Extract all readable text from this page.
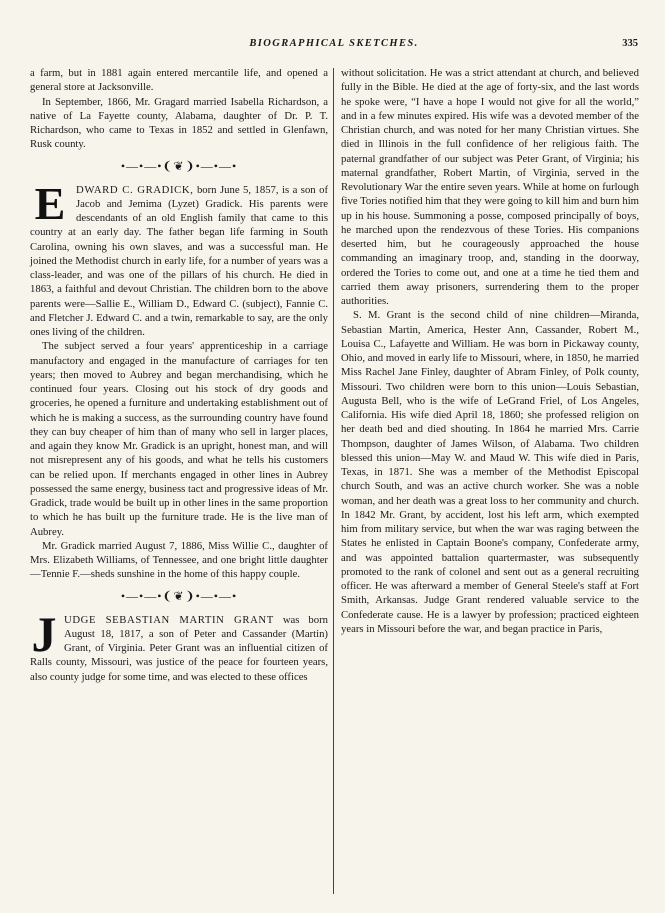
BIOGRAPHICAL SKETCHES.	335

a farm, but in 1881 again entered mercantile life, and opened a general store at Jacksonville.

In September, 1866, Mr. Gragard married Isabella Richardson, a native of La Fayette county, Alabama, daughter of Dr. P. T. Richardson, who came to Texas in 1852 and settled in Glenfawn, Rusk county.

•—•—•❨❦❩•—•—•
E DWARD C. GRADICK, born June 5, 1857, is a son of Jacob and Jemima (Lyzet) Gradick. His parents were descendants of an old English family that came to this country at an early day. The father began life farming in South Carolina, owning his own slaves, and was a successful man. He joined the Methodist church in early life, for a number of years was a class-leader, and was one of the pillars of his church. He died in 1863, a faithful and devout Christian. The children born to the above parents were—Sallie E., William D., Edward C. (subject), Fannie C. and Fletcher J. Edward C. and a twin, remarkable to say, are the only ones living of the children.

The subject served a four years' apprenticeship in a carriage manufactory and engaged in the manufacture of carriages for ten years; then moved to Aubrey and began merchandising, which he continued four years. Closing out his stock of dry goods and groceries, he opened a furniture and undertaking establishment out of which he is making a success, as the surrounding country have found they can buy cheaper of him than of many who sell in larger places, and again they know Mr. Gradick is an upright, honest man, and will not misrepresent any of his goods, and what he tells his customers can be relied upon. If merchants engaged in other lines in Aubrey possessed the same energy, business tact and progressive ideas of Mr. Gradick, trade would be built up in other lines in the same proportion to which he has built up the furniture trade. He is the live man of Aubrey.

Mr. Gradick married August 7, 1886, Miss Willie C., daughter of Mrs. Elizabeth Williams, of Tennessee, and one bright little daughter—Tennie F.—sheds sunshine in the home of this happy couple.

•—•—•❨❦❩•—•—•
J UDGE SEBASTIAN MARTIN GRANT was born August 18, 1817, a son of Peter and Cassander (Martin) Grant, of Virginia. Peter Grant was an influential citizen of Ralls county, Missouri, was justice of the peace for fourteen years, also county judge for some time, and was elected to these offices

without solicitation. He was a strict attendant at church, and believed fully in the Bible. He died at the age of forty-six, and the last words he spoke were, “I have a hope I would not give for all the world,” and in a few minutes expired. His wife was a devoted member of the Christian church, and was noted for her many Christian virtues. She died in Illinois in the full confidence of her religious faith. The paternal grandfather of our subject was Peter Grant, of Virginia; his maternal grandfather, Robert Martin, of Virginia, served in the Revolutionary War the entire seven years. While at home on furlough five Tories notified him that they were going to kill him and burn him up in his house. Summoning a posse, composed principally of boys, he marched upon the rendezvous of these Tories. His companions deserted him, but he courageously approached the house commanding an imaginary troop, and, standing in the doorway, ordered the Tories to come out, and one at a time he tied them and carried them away prisoners, surrendering them to the proper authorities.

S. M. Grant is the second child of nine children—Miranda, Sebastian Martin, America, Hester Ann, Cassander, Robert M., Louisa C., Lafayette and William. He was born in Pickaway county, Ohio, and moved in early life to Missouri, where, in 1850, he married Miss Rachel Jane Finley, daughter of Abram Finley, of Polk county, Missouri. Two children were born to this union—Louis Sebastian, Augusta Bell, who is the wife of LeGrand Friel, of Los Angeles, California. His wife died April 18, 1860; she professed religion on her death bed and died shouting. In 1864 he married Mrs. Carrie Thompson, daughter of James Wilson, of Alabama. Two children blessed this union—May W. and Maud W. This wife died in Paris, Texas, in 1871. She was a member of the Methodist Episcopal church South, and was an active church worker. She was a noble woman, and her death was a great loss to her community and church. In 1842 Mr. Grant, by accident, lost his left arm, which exempted him from military service, but when the war was raging between the States he enlisted in Captain Boone's company, Confederate army, and was appointed battalion quartermaster, was subsequently promoted to the rank of colonel and sent out as a general recruiting officer. He was afterward a member of General Steele's staff at Fort Smith, Arkansas. Judge Grant rendered valuable service to the Confederate cause. He is a lawyer by profession; practiced eighteen years in Missouri before the war, and began practice in Paris,
